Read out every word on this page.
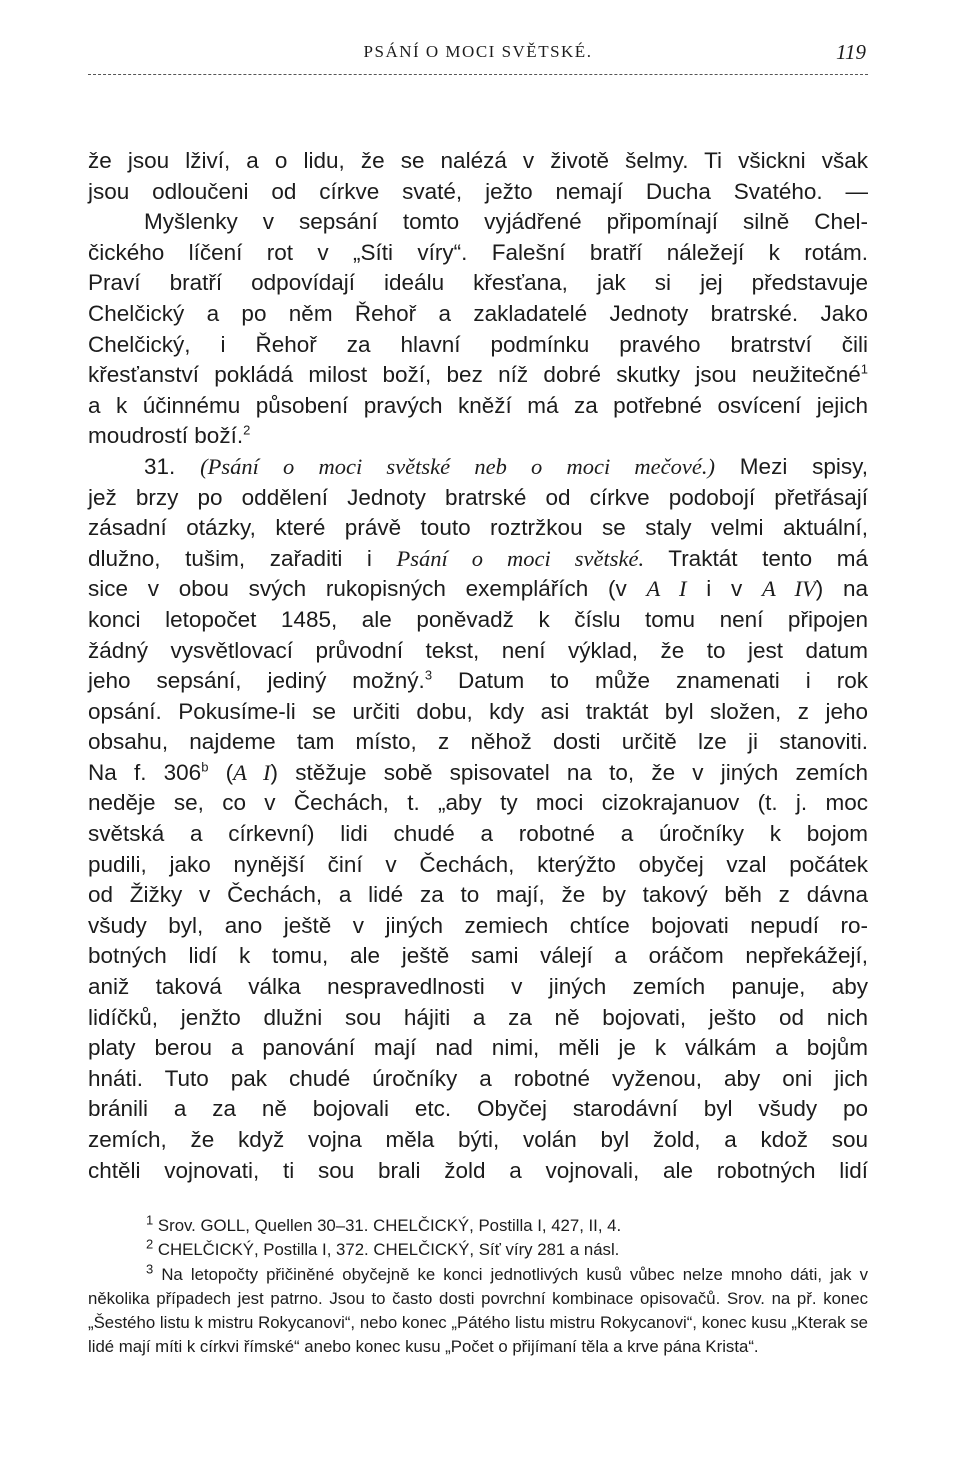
PSÁNÍ O MOCI SVĚTSKÉ.	119

že jsou lživí, a o lidu, že se nalézá v životě šelmy. Ti všickni však
jsou odloučeni od církve svaté, ježto nemají Ducha Svatého. —
Myšlenky v sepsání tomto vyjádřené připomínají silně Chel-
čického líčení rot v „Síti víry“. Falešní bratří náležejí k rotám.
Praví bratří odpovídají ideálu křesťana, jak si jej představuje
Chelčický a po něm Řehoř a zakladatelé Jednoty bratrské. Jako
Chelčický, i Řehoř za hlavní podmínku pravého bratrství čili
křesťanství pokládá milost boží, bez níž dobré skutky jsou neužitečné$^1$
a k účinnému působení pravých kněží má za potřebné osvícení jejich
moudrostí boží.$^2$

31. (Psání o moci světské neb o moci mečové.) Mezi spisy,
jež brzy po oddělení Jednoty bratrské od církve podobojí přetřásají
zásadní otázky, které právě touto roztržkou se staly velmi aktuální,
dlužno, tušim, zařaditi i Psání o moci světské. Traktát tento má
sice v obou svých rukopisných exemplářích (v A I i v A IV) na
konci letopočet 1485, ale poněvadž k číslu tomu není připojen
žádný vysvětlovací průvodní tekst, není výklad, že to jest datum
jeho sepsání, jediný možný.$^3$ Datum to může znamenati i rok
opsání. Pokusíme-li se určiti dobu, kdy asi traktát byl složen, z jeho
obsahu, najdeme tam místo, z něhož dosti určitě lze ji stanoviti.
Na f. 306$^b$ (A I) stěžuje sobě spisovatel na to, že v jiných zemích
neděje se, co v Čechách, t. „aby ty moci cizokrajanuov (t. j. moc
světská a církevní) lidi chudé a robotné a úročníky k bojom
pudili, jako nynější činí v Čechách, kterýžto obyčej vzal počátek
od Žižky v Čechách, a lidé za to mají, že by takový běh z dávna
všudy byl, ano ještě v jiných zemiech chtíce bojovati nepudí ro-
botných lidí k tomu, ale ještě sami válejí a oráčom nepřekážejí,
aniž taková válka nespravedlnosti v jiných zemích panuje, aby
lidíčků, jenžto dlužni sou hájiti a za ně bojovati, ješto od nich
platy berou a panování mají nad nimi, měli je k válkám a bojům
hnáti. Tuto pak chudé úročníky a robotné vyženou, aby oni jich
bránili a za ně bojovali etc. Obyčej starodávní byl všudy po
zemích, že když vojna měla býti, volán byl žold, a kdož sou
chtěli vojnovati, ti sou brali žold a vojnovali, ale robotných lidí

$^1$ Srov. GOLL, Quellen 30–31. CHELČICKÝ, Postilla I, 427, II, 4.

$^2$ CHELČICKÝ, Postilla I, 372. CHELČICKÝ, Síť víry 281 a násl.

$^3$ Na letopočty přičiněné obyčejně ke konci jednotlivých kusů vůbec nelze mnoho dáti, jak v několika případech jest patrno. Jsou to často dosti povrchní kombinace opisovačů. Srov. na př. konec „Šestého listu k mistru Rokycanovi“, nebo konec „Pátého listu mistru Rokycanovi“, konec kusu „Kterak se lidé mají míti k církvi římské“ anebo konec kusu „Počet o přijímaní těla a krve pána Krista“.
